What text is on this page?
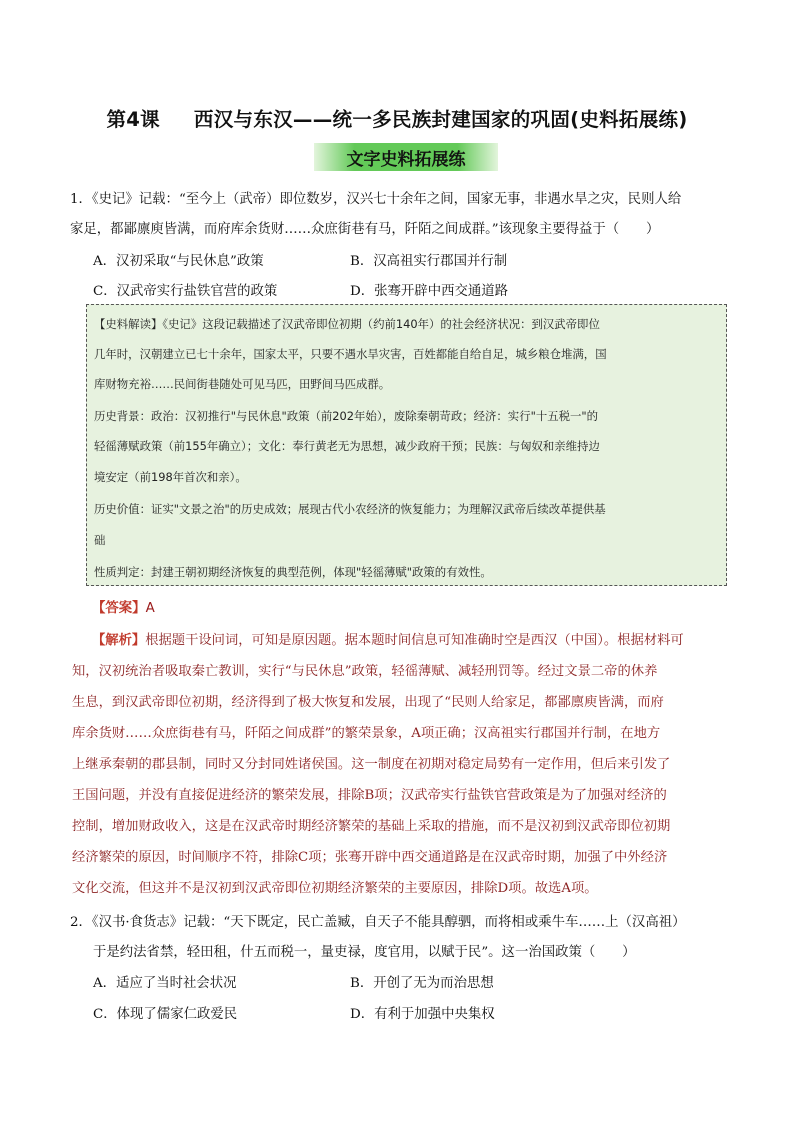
第4课 西汉与东汉——统一多民族封建国家的巩固(史料拓展练)
文字史料拓展练
1．《史记》记载：“至今上（武帝）即位数岁，汉兴七十余年之间，国家无事，非遇水旱之灾，民则人给
家足，都鄙廪庾皆满，而府库余货财……众庶街巷有马，阡陌之间成群。”该现象主要得益于（　　）
A．汉初采取“与民休息”政策	B．汉高祖实行郡国并行制
C．汉武帝实行盐铁官营的政策	D．张骞开辟中西交通道路
【史料解读】《史记》这段记载描述了汉武帝即位初期（约前140年）的社会经济状况：到汉武帝即位
几年时，汉朝建立已七十余年，国家太平，只要不遇水旱灾害，百姓都能自给自足，城乡粮仓堆满，国
库财物充裕……民间街巷随处可见马匹，田野间马匹成群。
历史背景：政治：汉初推行"与民休息"政策（前202年始），废除秦朝苛政；经济：实行"十五税一"的
轻徭薄赋政策（前155年确立）；文化：奉行黄老无为思想，减少政府干预；民族：与匈奴和亲维持边
境安定（前198年首次和亲）。
历史价值：证实"文景之治"的历史成效；展现古代小农经济的恢复能力；为理解汉武帝后续改革提供基
础
性质判定：封建王朝初期经济恢复的典型范例，体现"轻徭薄赋"政策的有效性。
【答案】A
【解析】根据题干设问词，可知是原因题。据本题时间信息可知准确时空是西汉（中国）。根据材料可
知，汉初统治者吸取秦亡教训，实行“与民休息”政策，轻徭薄赋、减轻刑罚等。经过文景二帝的休养
生息，到汉武帝即位初期，经济得到了极大恢复和发展，出现了“民则人给家足，都鄙廪庾皆满，而府
库余货财……众庶街巷有马，阡陌之间成群”的繁荣景象，A项正确；汉高祖实行郡国并行制，在地方
上继承秦朝的郡县制，同时又分封同姓诸侯国。这一制度在初期对稳定局势有一定作用，但后来引发了
王国问题，并没有直接促进经济的繁荣发展，排除B项；汉武帝实行盐铁官营政策是为了加强对经济的
控制，增加财政收入，这是在汉武帝时期经济繁荣的基础上采取的措施，而不是汉初到汉武帝即位初期
经济繁荣的原因，时间顺序不符，排除C项；张骞开辟中西交通道路是在汉武帝时期，加强了中外经济
文化交流，但这并不是汉初到汉武帝即位初期经济繁荣的主要原因，排除D项。故选A项。
2．《汉书·食货志》记载：“天下既定，民亡盖臧，自天子不能具醇驷，而将相或乘牛车……上（汉高祖）
于是约法省禁，轻田租，什五而税一，量吏禄，度官用，以赋于民”。这一治国政策（　　）
A．适应了当时社会状况	B．开创了无为而治思想
C．体现了儒家仁政爱民	D．有利于加强中央集权
